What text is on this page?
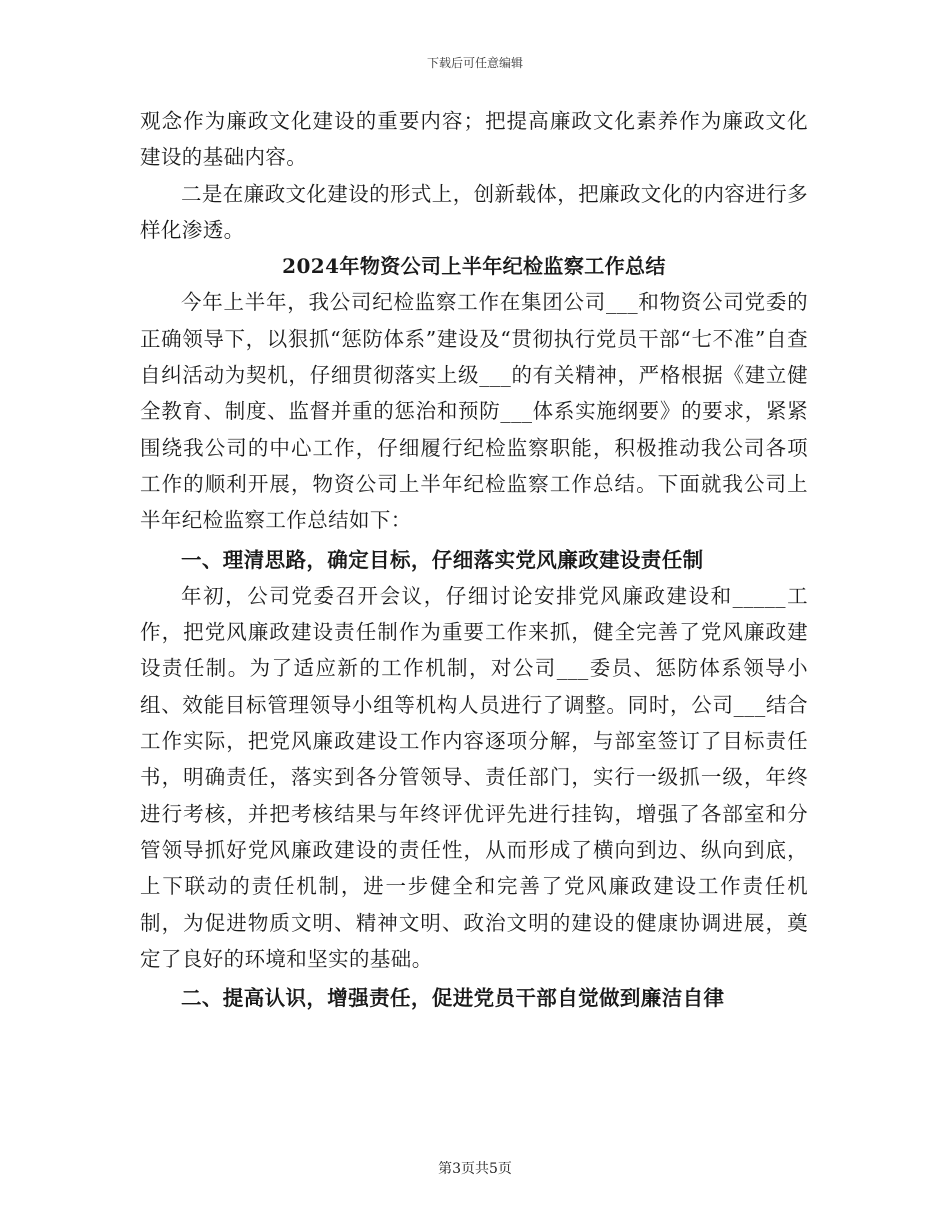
下载后可任意编辑

观念作为廉政文化建设的重要内容；把提高廉政文化素养作为廉政文化建设的基础内容。

二是在廉政文化建设的形式上，创新载体，把廉政文化的内容进行多样化渗透。

2024年物资公司上半年纪检监察工作总结

今年上半年，我公司纪检监察工作在集团公司___和物资公司党委的正确领导下，以狠抓“惩防体系”建设及“贯彻执行党员干部“七不准”自查自纠活动为契机，仔细贯彻落实上级___的有关精神，严格根据《建立健全教育、制度、监督并重的惩治和预防___体系实施纲要》的要求，紧紧围绕我公司的中心工作，仔细履行纪检监察职能，积极推动我公司各项工作的顺利开展，物资公司上半年纪检监察工作总结。下面就我公司上半年纪检监察工作总结如下：

一、理清思路，确定目标，仔细落实党风廉政建设责任制

年初，公司党委召开会议，仔细讨论安排党风廉政建设和_____工作，把党风廉政建设责任制作为重要工作来抓，健全完善了党风廉政建设责任制。为了适应新的工作机制，对公司___委员、惩防体系领导小组、效能目标管理领导小组等机构人员进行了调整。同时，公司___结合工作实际，把党风廉政建设工作内容逐项分解，与部室签订了目标责任书，明确责任，落实到各分管领导、责任部门，实行一级抓一级，年终进行考核，并把考核结果与年终评优评先进行挂钩，增强了各部室和分管领导抓好党风廉政建设的责任性，从而形成了横向到边、纵向到底，上下联动的责任机制，进一步健全和完善了党风廉政建设工作责任机制，为促进物质文明、精神文明、政治文明的建设的健康协调进展，奠定了良好的环境和坚实的基础。

二、提高认识，增强责任，促进党员干部自觉做到廉洁自律

第3页共5页
